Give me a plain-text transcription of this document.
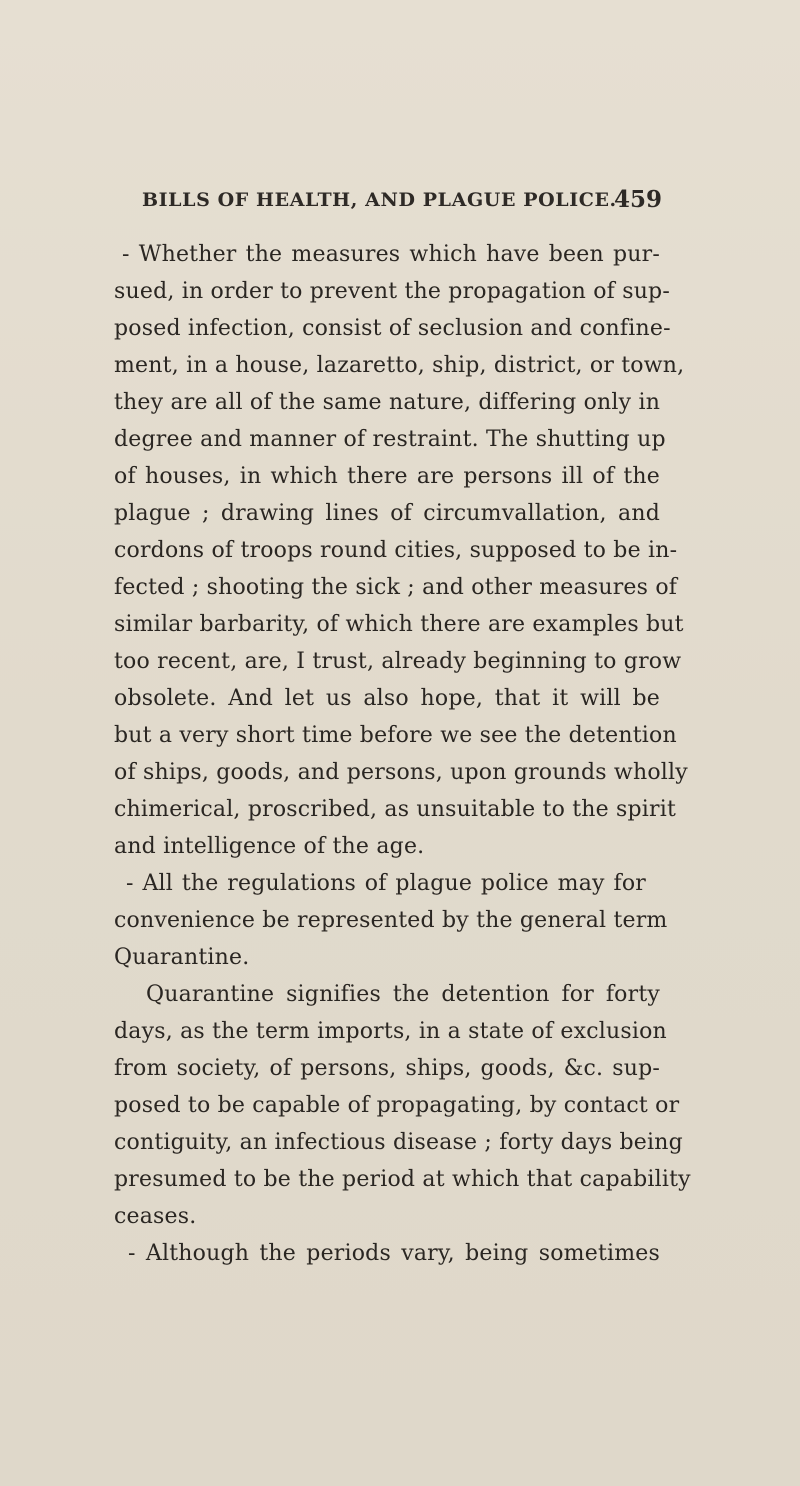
BILLS OF HEALTH, AND PLAGUE POLICE.
459

- Whether the measures which have been pur-
sued, in order to prevent the propagation of sup-
posed infection, consist of seclusion and confine-
ment, in a house, lazaretto, ship, district, or town,
they are all of the same nature, differing only in
degree and manner of restraint. The shutting up
of houses, in which there are persons ill of the
plague ; drawing lines of circumvallation, and
cordons of troops round cities, supposed to be in-
fected ; shooting the sick ; and other measures of
similar barbarity, of which there are examples but
too recent, are, I trust, already beginning to grow
obsolete. And let us also hope, that it will be
but a very short time before we see the detention
of ships, goods, and persons, upon grounds wholly
chimerical, proscribed, as unsuitable to the spirit
and intelligence of the age.

- All the regulations of plague police may for
convenience be represented by the general term
Quarantine.

Quarantine signifies the detention for forty
days, as the term imports, in a state of exclusion
from society, of persons, ships, goods, &c. sup-
posed to be capable of propagating, by contact or
contiguity, an infectious disease ; forty days being
presumed to be the period at which that capability
ceases.

- Although the periods vary, being sometimes
